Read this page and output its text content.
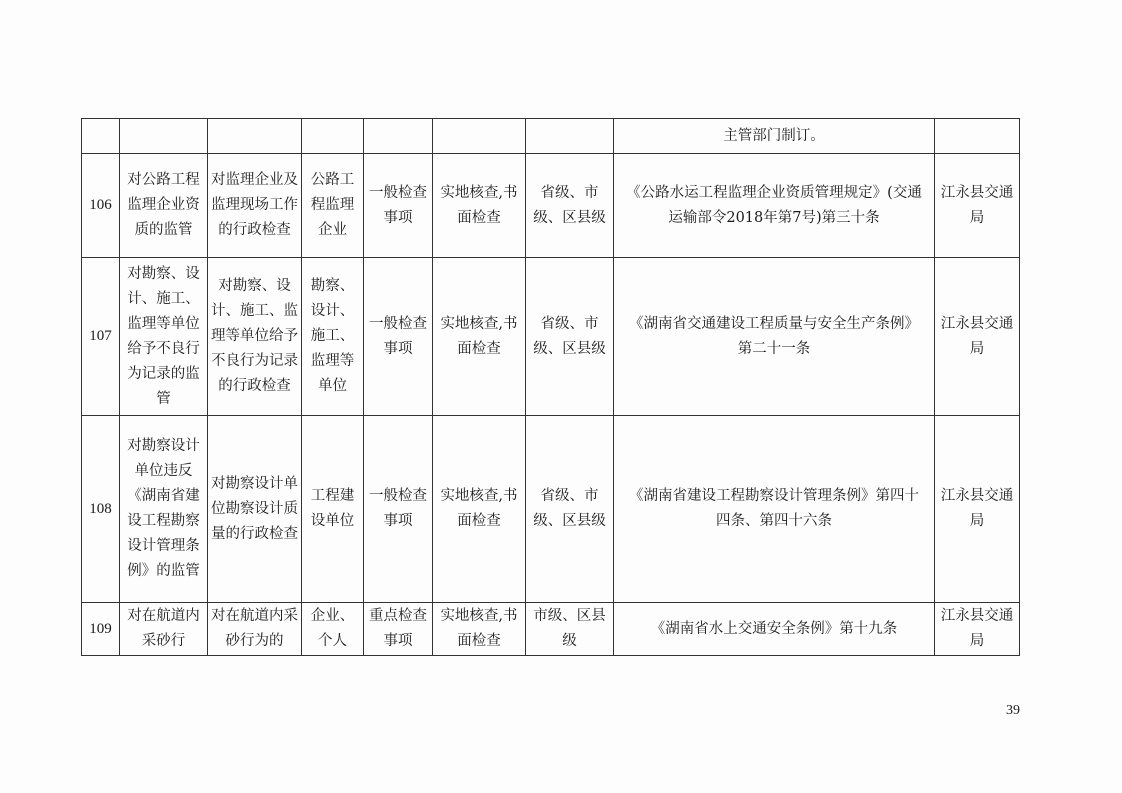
							主管部门制订。	
106	对公路工程监理企业资质的监管	对监理企业及监理现场工作的行政检查	公路工程监理企业	一般检查事项	实地核查,书面检查	省级、市级、区县级	《公路水运工程监理企业资质管理规定》(交通运输部令2018年第7号)第三十条	江永县交通局
107	对勘察、设计、施工、监理等单位给予不良行为记录的监管	对勘察、设计、施工、监理等单位给予不良行为记录的行政检查	勘察、设计、施工、监理等单位	一般检查事项	实地核查,书面检查	省级、市级、区县级	《湖南省交通建设工程质量与安全生产条例》 第二十一条	江永县交通局
108	对勘察设计单位违反《湖南省建设工程勘察设计管理条例》的监管	对勘察设计单位勘察设计质量的行政检查	工程建设单位	一般检查事项	实地核查,书面检查	省级、市级、区县级	《湖南省建设工程勘察设计管理条例》第四十四条、第四十六条	江永县交通局
109	对在航道内采砂行	对在航道内采砂行为的	企业、个人	重点检查事项	实地核查,书面检查	市级、区县级	《湖南省水上交通安全条例》第十九条	江永县交通局
39
